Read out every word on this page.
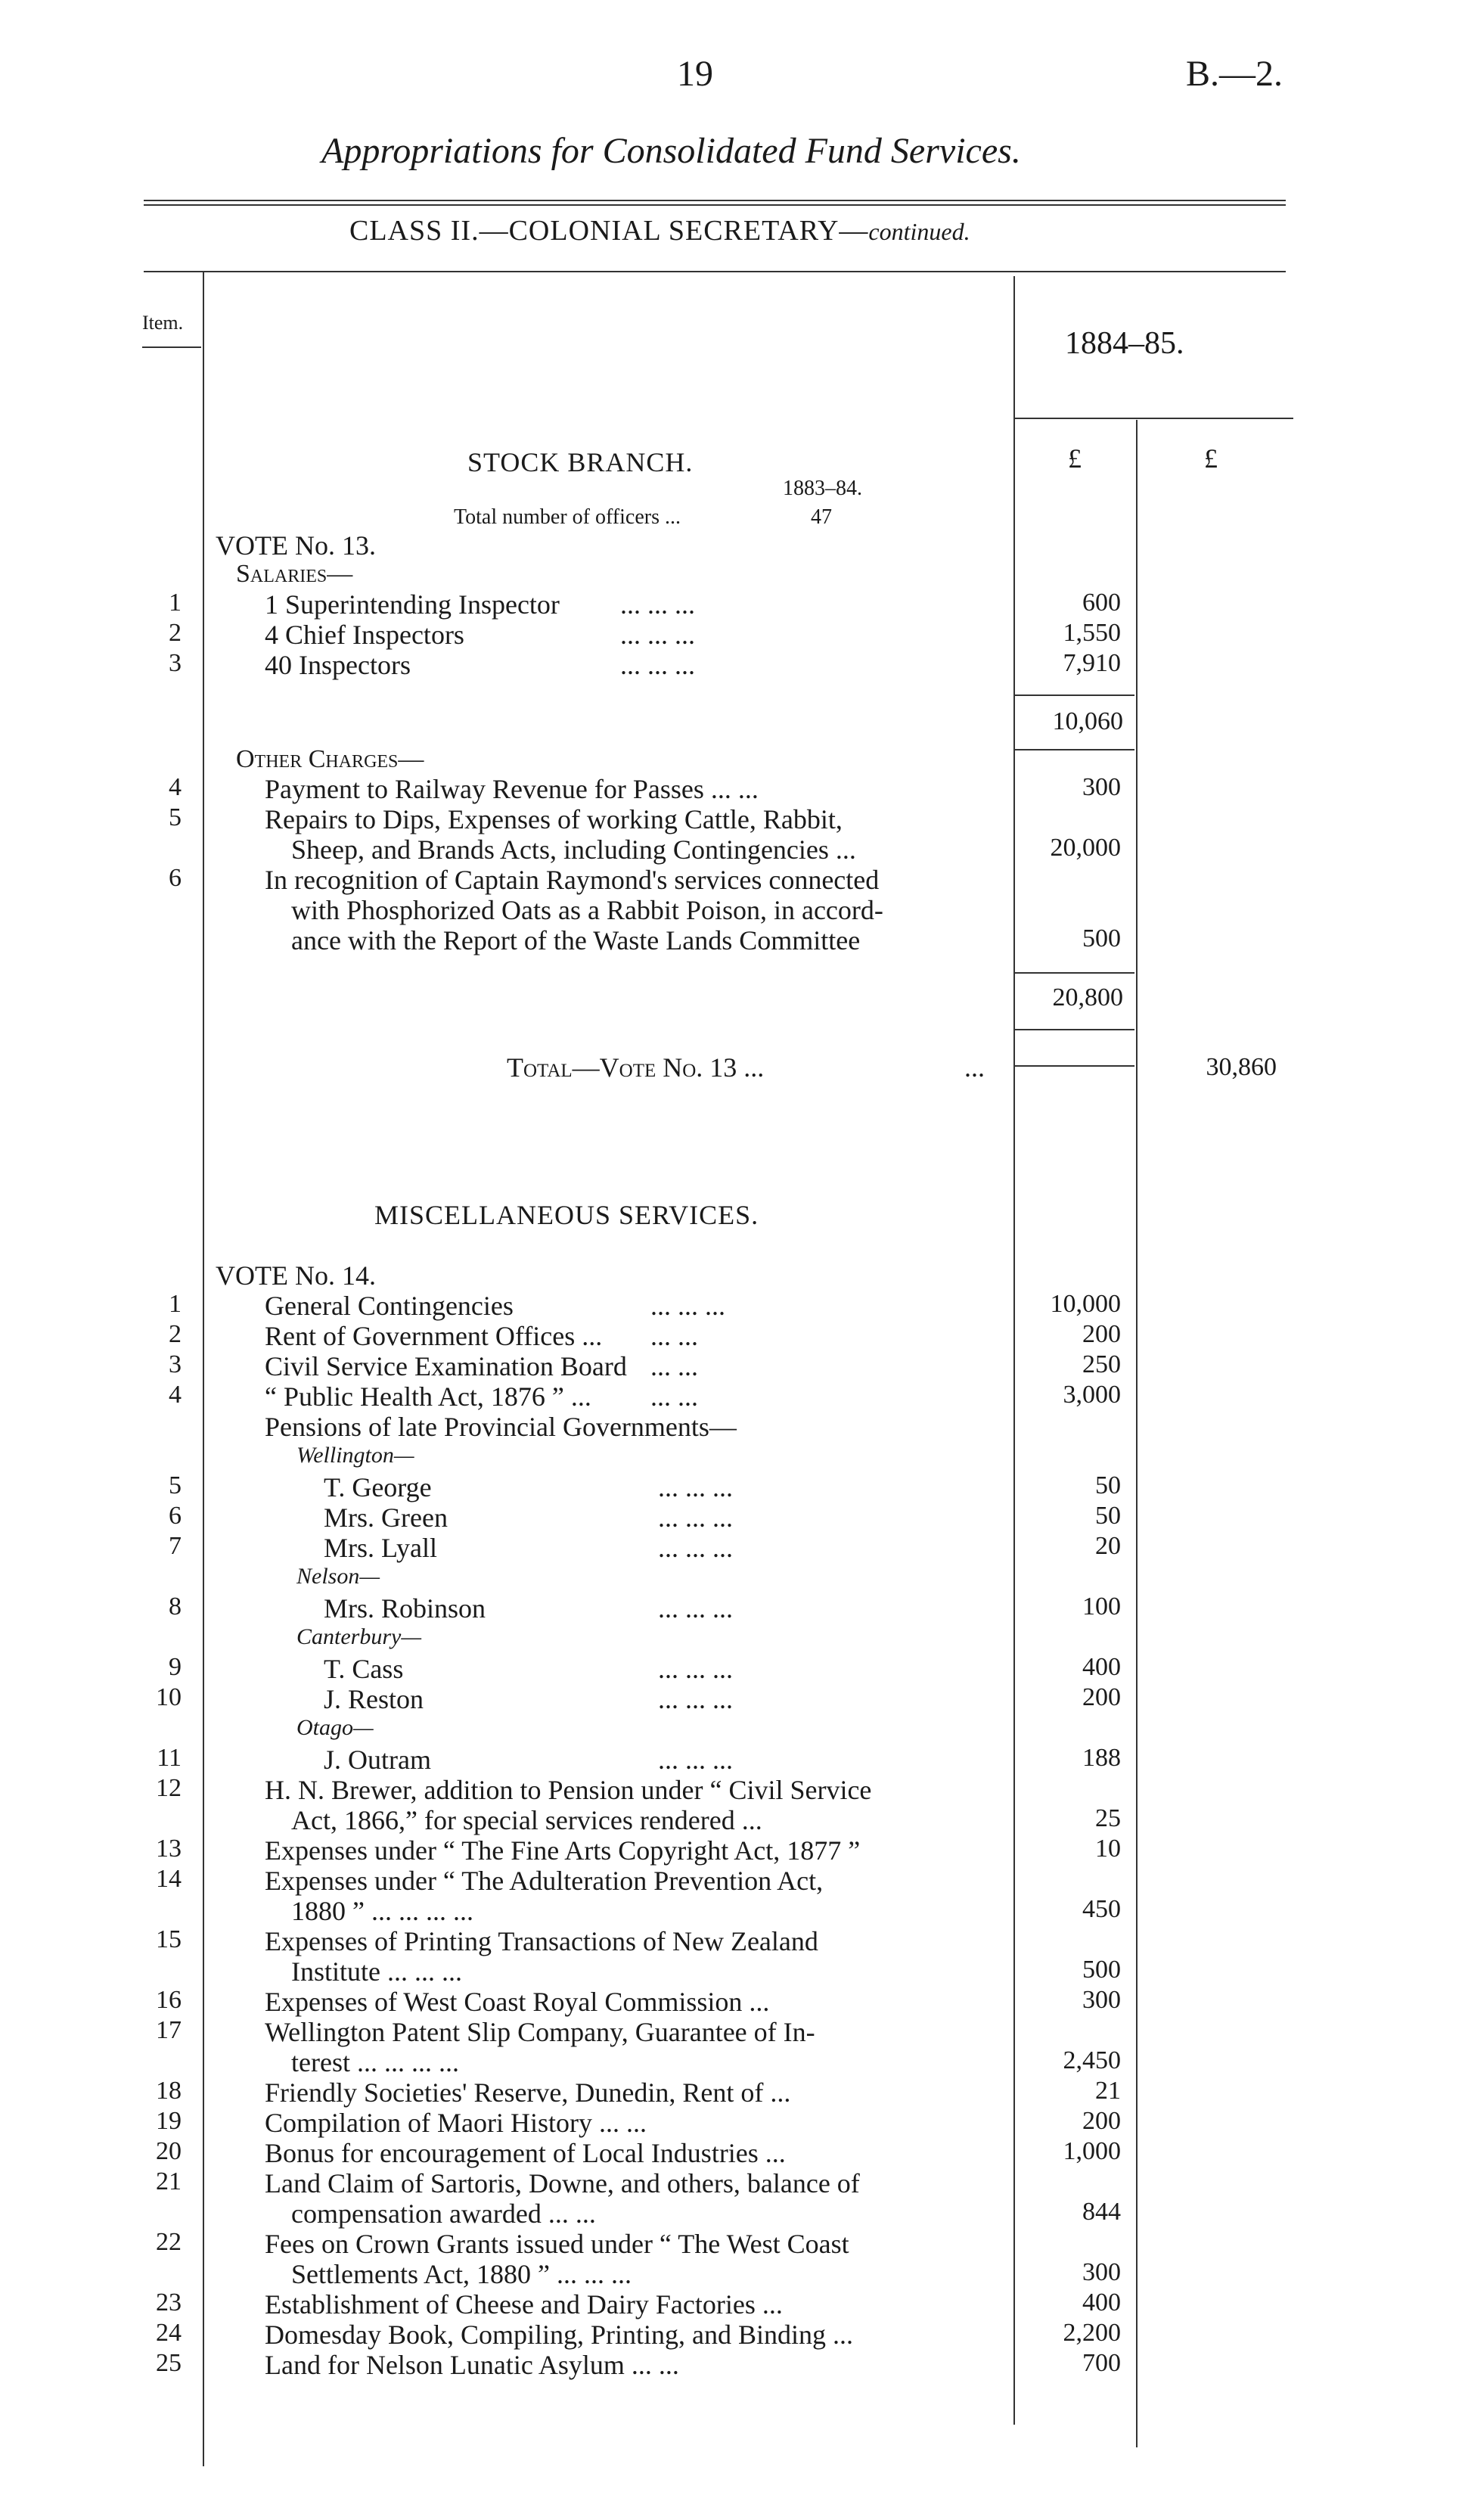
19	B.—2.
Appropriations for Consolidated Fund Services.
CLASS II.—COLONIAL SECRETARY—continued.
Item.
1884–85.
£	£
STOCK BRANCH.
1883–84.
Total number of officers ...	47
VOTE No. 13.
Salaries—
1	1 Superintending Inspector ... ... ...	600
2	4 Chief Inspectors	... ... ...	1,550
3	40 Inspectors	... ... ...	7,910
10,060
Other Charges—
4	Payment to Railway Revenue for Passes ... ...	300
5	Repairs to Dips, Expenses of working Cattle, Rabbit,
Sheep, and Brands Acts, including Contingencies ...	20,000
6	In recognition of Captain Raymond's services connected
with Phosphorized Oats as a Rabbit Poison, in accord-
ance with the Report of the Waste Lands Committee	500
20,800
Total—Vote No. 13 ...	...	30,860
MISCELLANEOUS SERVICES.
VOTE No. 14.
1	General Contingencies	... ... ...	10,000
2	Rent of Government Offices ... ... ...	200
3	Civil Service Examination Board ... ...	250
4	“ Public Health Act, 1876 ” ... ... ...	3,000
Pensions of late Provincial Governments—
Wellington—
5	T. George	... ... ...	50
6	Mrs. Green	... ... ...	50
7	Mrs. Lyall	... ... ...	20
Nelson—
8	Mrs. Robinson	... ... ...	100
Canterbury—
9	T. Cass	... ... ...	400
10	J. Reston	... ... ...	200
Otago—
11	J. Outram	... ... ...	188
12	H. N. Brewer, addition to Pension under “ Civil Service
Act, 1866,” for special services rendered ...	25
13	Expenses under “ The Fine Arts Copyright Act, 1877 ”	10
14	Expenses under “ The Adulteration Prevention Act,
1880 ” ... ... ... ...	450
15	Expenses of Printing Transactions of New Zealand
Institute ... ... ...	500
16	Expenses of West Coast Royal Commission ...	300
17	Wellington Patent Slip Company, Guarantee of In-
terest ... ... ... ...	2,450
18	Friendly Societies' Reserve, Dunedin, Rent of ...	21
19	Compilation of Maori History ... ...	200
20	Bonus for encouragement of Local Industries ...	1,000
21	Land Claim of Sartoris, Downe, and others, balance of
compensation awarded ... ...	844
22	Fees on Crown Grants issued under “ The West Coast
Settlements Act, 1880 ” ... ... ...	300
23	Establishment of Cheese and Dairy Factories ...	400
24	Domesday Book, Compiling, Printing, and Binding ...	2,200
25	Land for Nelson Lunatic Asylum ... ...	700
